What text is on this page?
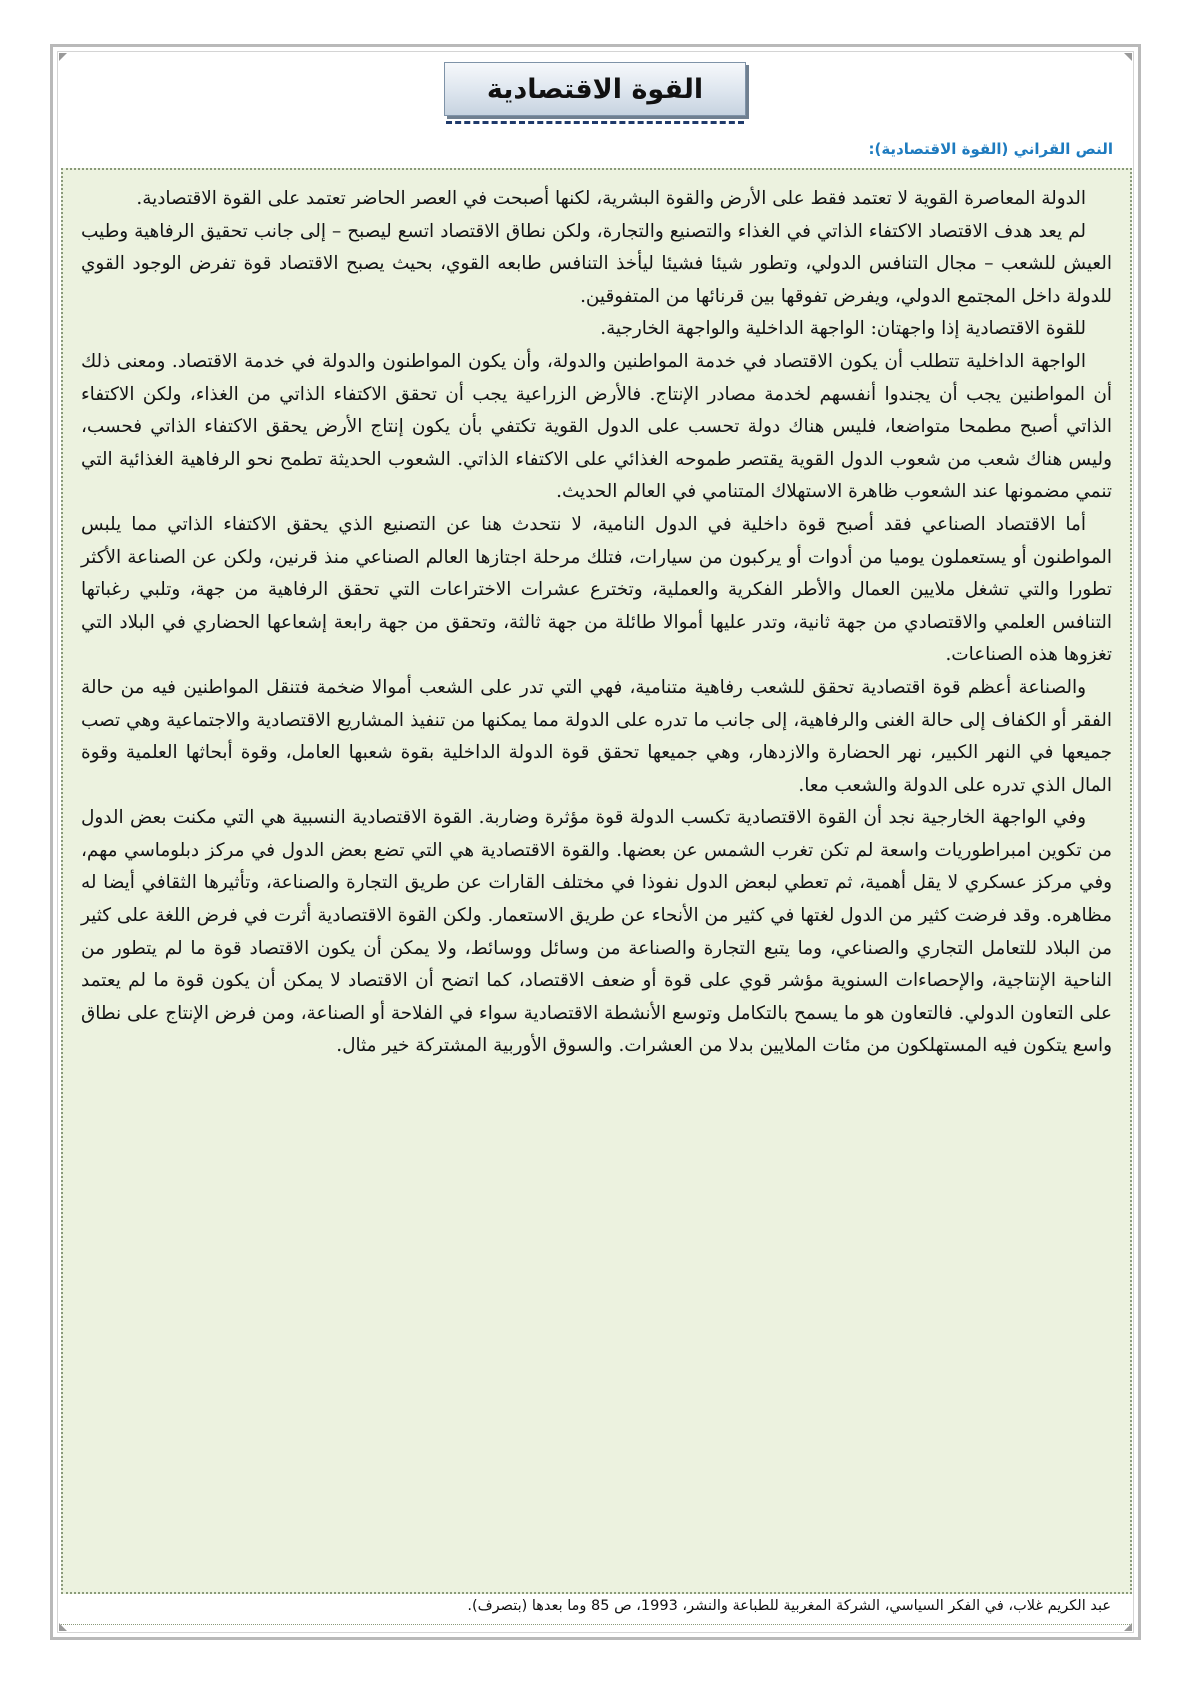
القوة الاقتصادية
النص القراني (القوة الاقتصادية):

الدولة المعاصرة القوية لا تعتمد فقط على الأرض والقوة البشرية، لكنها أصبحت في العصر الحاضر تعتمد على القوة الاقتصادية.

لم يعد هدف الاقتصاد الاكتفاء الذاتي في الغذاء والتصنيع والتجارة، ولكن نطاق الاقتصاد اتسع ليصبح – إلى جانب تحقيق الرفاهية وطيب العيش للشعب – مجال التنافس الدولي، وتطور شيئا فشيئا ليأخذ التنافس طابعه القوي، بحيث يصبح الاقتصاد قوة تفرض الوجود القوي للدولة داخل المجتمع الدولي، ويفرض تفوقها بين قرنائها من المتفوقين.

للقوة الاقتصادية إذا واجهتان: الواجهة الداخلية والواجهة الخارجية.

الواجهة الداخلية تتطلب أن يكون الاقتصاد في خدمة المواطنين والدولة، وأن يكون المواطنون والدولة في خدمة الاقتصاد. ومعنى ذلك أن المواطنين يجب أن يجندوا أنفسهم لخدمة مصادر الإنتاج. فالأرض الزراعية يجب أن تحقق الاكتفاء الذاتي من الغذاء، ولكن الاكتفاء الذاتي أصبح مطمحا متواضعا، فليس هناك دولة تحسب على الدول القوية تكتفي بأن يكون إنتاج الأرض يحقق الاكتفاء الذاتي فحسب، وليس هناك شعب من شعوب الدول القوية يقتصر طموحه الغذائي على الاكتفاء الذاتي. الشعوب الحديثة تطمح نحو الرفاهية الغذائية التي تنمي مضمونها عند الشعوب ظاهرة الاستهلاك المتنامي في العالم الحديث.

أما الاقتصاد الصناعي فقد أصبح قوة داخلية في الدول النامية، لا نتحدث هنا عن التصنيع الذي يحقق الاكتفاء الذاتي مما يلبس المواطنون أو يستعملون يوميا من أدوات أو يركبون من سيارات، فتلك مرحلة اجتازها العالم الصناعي منذ قرنين، ولكن عن الصناعة الأكثر تطورا والتي تشغل ملايين العمال والأطر الفكرية والعملية، وتخترع عشرات الاختراعات التي تحقق الرفاهية من جهة، وتلبي رغباتها التنافس العلمي والاقتصادي من جهة ثانية، وتدر عليها أموالا طائلة من جهة ثالثة، وتحقق من جهة رابعة إشعاعها الحضاري في البلاد التي تغزوها هذه الصناعات.

والصناعة أعظم قوة اقتصادية تحقق للشعب رفاهية متنامية، فهي التي تدر على الشعب أموالا ضخمة فتنقل المواطنين فيه من حالة الفقر أو الكفاف إلى حالة الغنى والرفاهية، إلى جانب ما تدره على الدولة مما يمكنها من تنفيذ المشاريع الاقتصادية والاجتماعية وهي تصب جميعها في النهر الكبير، نهر الحضارة والازدهار، وهي جميعها تحقق قوة الدولة الداخلية بقوة شعبها العامل، وقوة أبحاثها العلمية وقوة المال الذي تدره على الدولة والشعب معا.

وفي الواجهة الخارجية نجد أن القوة الاقتصادية تكسب الدولة قوة مؤثرة وضاربة. القوة الاقتصادية النسبية هي التي مكنت بعض الدول من تكوين امبراطوريات واسعة لم تكن تغرب الشمس عن بعضها. والقوة الاقتصادية هي التي تضع بعض الدول في مركز دبلوماسي مهم، وفي مركز عسكري لا يقل أهمية، ثم تعطي لبعض الدول نفوذا في مختلف القارات عن طريق التجارة والصناعة، وتأثيرها الثقافي أيضا له مظاهره. وقد فرضت كثير من الدول لغتها في كثير من الأنحاء عن طريق الاستعمار. ولكن القوة الاقتصادية أثرت في فرض اللغة على كثير من البلاد للتعامل التجاري والصناعي، وما يتبع التجارة والصناعة من وسائل ووسائط، ولا يمكن أن يكون الاقتصاد قوة ما لم يتطور من الناحية الإنتاجية، والإحصاءات السنوية مؤشر قوي على قوة أو ضعف الاقتصاد، كما اتضح أن الاقتصاد لا يمكن أن يكون قوة ما لم يعتمد على التعاون الدولي. فالتعاون هو ما يسمح بالتكامل وتوسع الأنشطة الاقتصادية سواء في الفلاحة أو الصناعة، ومن فرض الإنتاج على نطاق واسع يتكون فيه المستهلكون من مئات الملايين بدلا من العشرات. والسوق الأوربية المشتركة خير مثال.

عبد الكريم غلاب، في الفكر السياسي، الشركة المغربية للطباعة والنشر، 1993، ص 85 وما بعدها (بتصرف).
